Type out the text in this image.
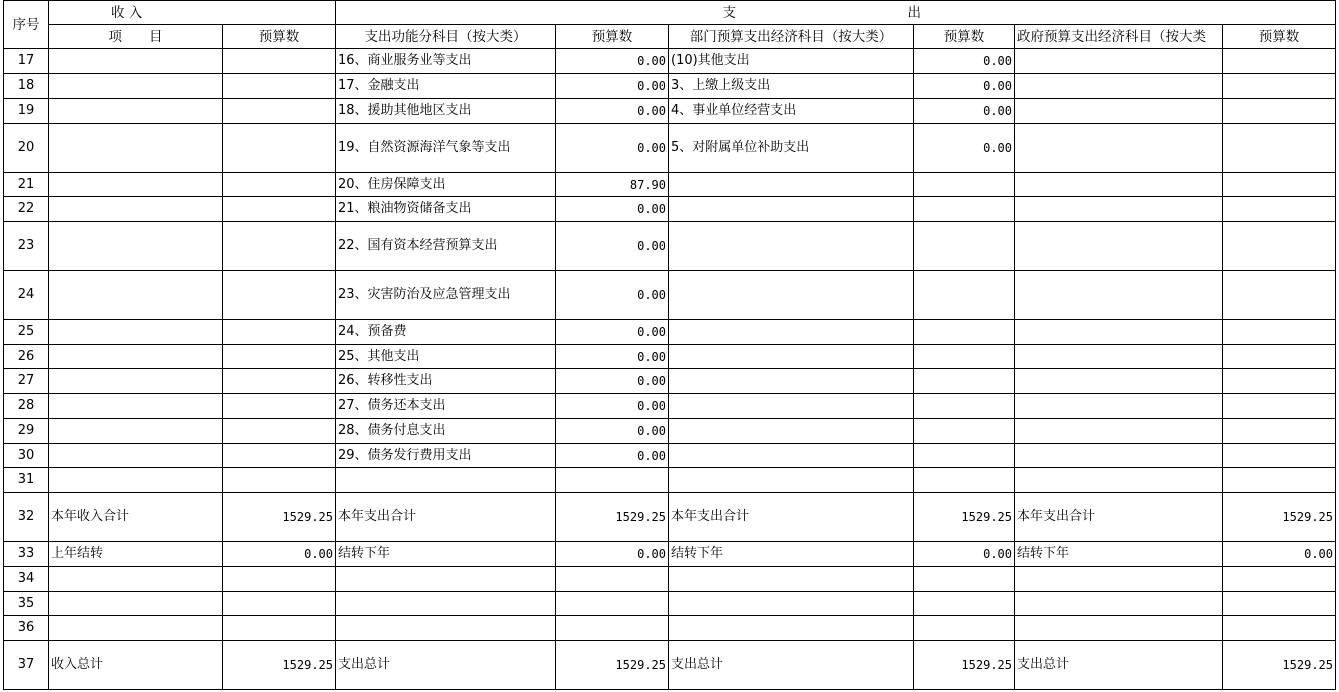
序号	收 入		支 出					
	项　　目	预算数	支出功能分科目（按大类）	预算数	部门预算支出经济科目（按大类）	预算数	政府预算支出经济科目（按大类	预算数
17			16、商业服务业等支出	0.00	(10)其他支出	0.00		
18			17、金融支出	0.00	3、上缴上级支出	0.00		
19			18、援助其他地区支出	0.00	4、事业单位经营支出	0.00		
20			19、自然资源海洋气象等支出	0.00	5、对附属单位补助支出	0.00		
21			20、住房保障支出	87.90				
22			21、粮油物资储备支出	0.00				
23			22、国有资本经营预算支出	0.00				
24			23、灾害防治及应急管理支出	0.00				
25			24、预备费	0.00				
26			25、其他支出	0.00				
27			26、转移性支出	0.00				
28			27、债务还本支出	0.00				
29			28、债务付息支出	0.00				
30			29、债务发行费用支出	0.00				
31								
32	本年收入合计	1529.25	本年支出合计	1529.25	本年支出合计	1529.25	本年支出合计	1529.25
33	上年结转	0.00	结转下年	0.00	结转下年	0.00	结转下年	0.00
34								
35								
36								
37	收入总计	1529.25	支出总计	1529.25	支出总计	1529.25	支出总计	1529.25
